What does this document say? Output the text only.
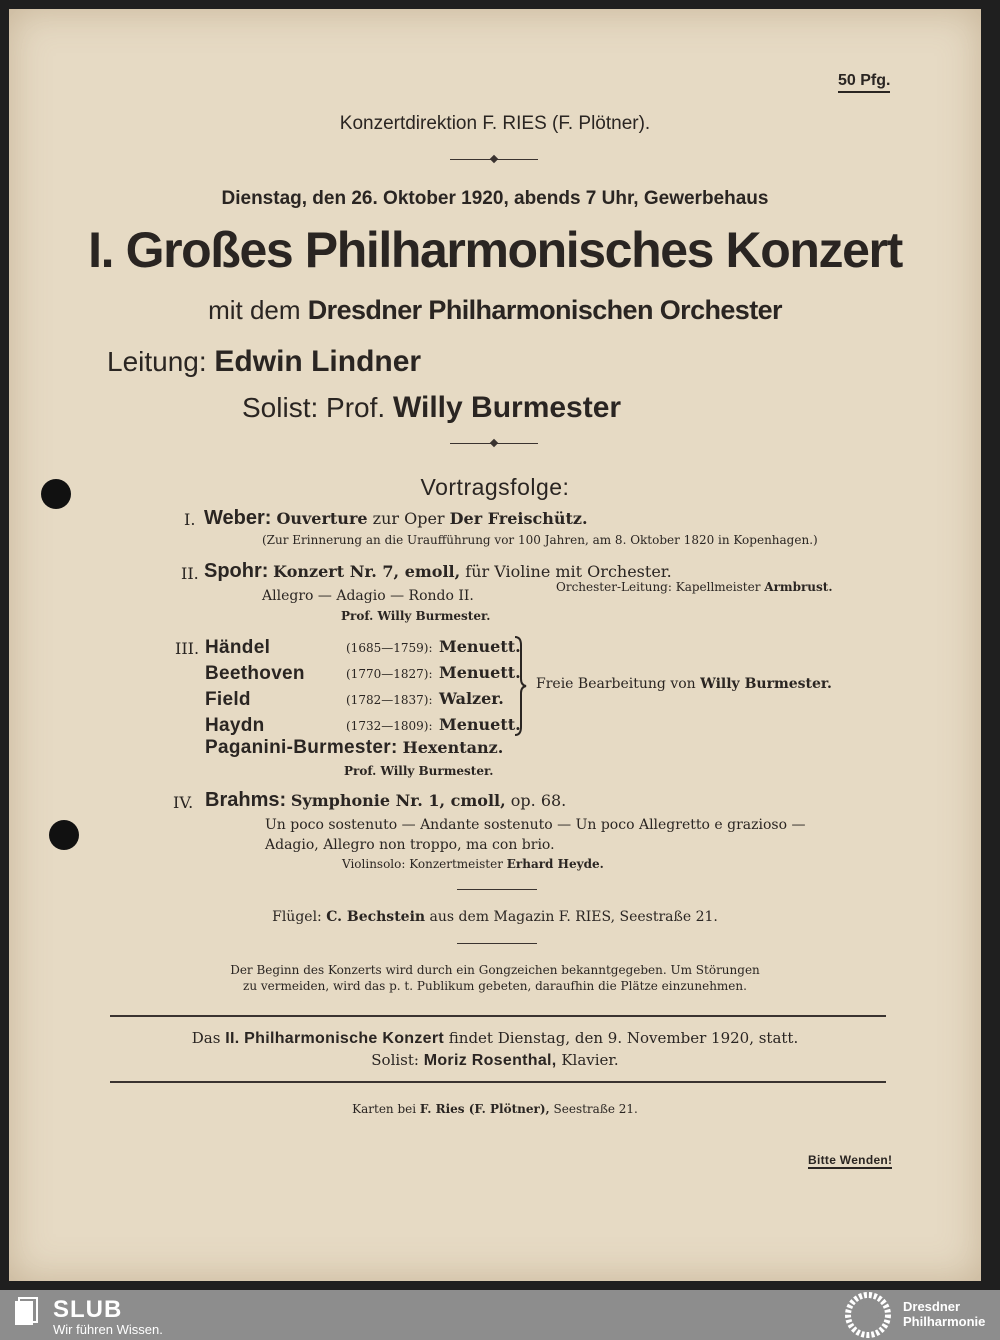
50 Pfg.
Konzertdirektion F. RIES (F. Plötner).
Dienstag, den 26. Oktober 1920, abends 7 Uhr, Gewerbehaus
I. Großes Philharmonisches Konzert
mit dem Dresdner Philharmonischen Orchester
Leitung: Edwin Lindner
Solist: Prof. Willy Burmester
Vortragsfolge:
I. Weber: Ouverture zur Oper Der Freischütz.
(Zur Erinnerung an die Uraufführung vor 100 Jahren, am 8. Oktober 1820 in Kopenhagen.)
II. Spohr: Konzert Nr. 7, emoll, für Violine mit Orchester.
Allegro — Adagio — Rondo II.
Orchester-Leitung: Kapellmeister Armbrust.
Prof. Willy Burmester.
III. Händel	(1685—1759): Menuett.
Beethoven	(1770—1827): Menuett.
Field	(1782—1837): Walzer.
Haydn	(1732—1809): Menuett.
Freie Bearbeitung von Willy Burmester.
Paganini-Burmester: Hexentanz.
Prof. Willy Burmester.
IV. Brahms: Symphonie Nr. 1, cmoll, op. 68.
Un poco sostenuto — Andante sostenuto — Un poco Allegretto e grazioso —
Adagio, Allegro non troppo, ma con brio.
Violinsolo: Konzertmeister Erhard Heyde.
Flügel: C. Bechstein aus dem Magazin F. RIES, Seestraße 21.
Der Beginn des Konzerts wird durch ein Gongzeichen bekanntgegeben. Um Störungen
zu vermeiden, wird das p. t. Publikum gebeten, daraufhin die Plätze einzunehmen.
Das II. Philharmonische Konzert findet Dienstag, den 9. November 1920, statt.
Solist: Moriz Rosenthal, Klavier.
Karten bei F. Ries (F. Plötner), Seestraße 21.
Bitte Wenden!
SLUB
Wir führen Wissen.
Dresdner
Philharmonie
